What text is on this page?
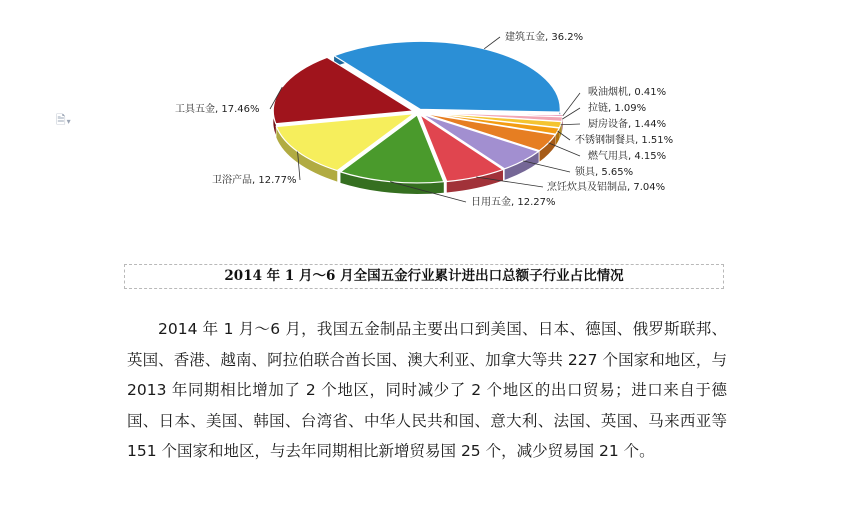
🗎▾
建筑五金, 36.2%
吸油烟机, 0.41%
拉链, 1.09%
厨房设备, 1.44%
不锈钢制餐具, 1.51%
燃气用具, 4.15%
锁具, 5.65%
烹饪炊具及铝制品, 7.04%
日用五金, 12.27%
卫浴产品, 12.77%
工具五金, 17.46%
2014 年 1 月～6 月全国五金行业累计进出口总额子行业占比情况
2014 年 1 月～6 月，我国五金制品主要出口到美国、日本、德国、俄罗斯联邦、英国、香港、越南、阿拉伯联合酋长国、澳大利亚、加拿大等共 227 个国家和地区，与 2013 年同期相比增加了 2 个地区，同时减少了 2 个地区的出口贸易；进口来自于德国、日本、美国、韩国、台湾省、中华人民共和国、意大利、法国、英国、马来西亚等 151 个国家和地区，与去年同期相比新增贸易国 25 个，减少贸易国 21 个。
